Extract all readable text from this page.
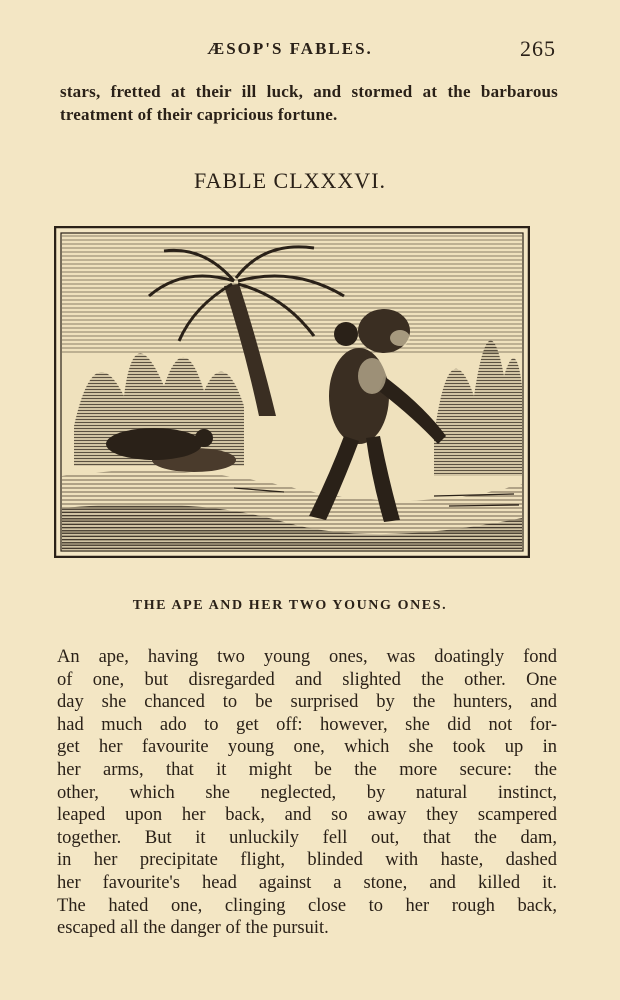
ÆSOP'S FABLES.	265
stars, fretted at their ill luck, and stormed at the barbarous
treatment of their capricious fortune.
FABLE CLXXXVI.
THE APE AND HER TWO YOUNG ONES.
An ape, having two young ones, was doatingly fond
of one, but disregarded and slighted the other. One
day she chanced to be surprised by the hunters, and
had much ado to get off: however, she did not for-
get her favourite young one, which she took up in
her arms, that it might be the more secure: the
other, which she neglected, by natural instinct,
leaped upon her back, and so away they scampered
together. But it unluckily fell out, that the dam,
in her precipitate flight, blinded with haste, dashed
her favourite's head against a stone, and killed it.
The hated one, clinging close to her rough back,
escaped all the danger of the pursuit.
